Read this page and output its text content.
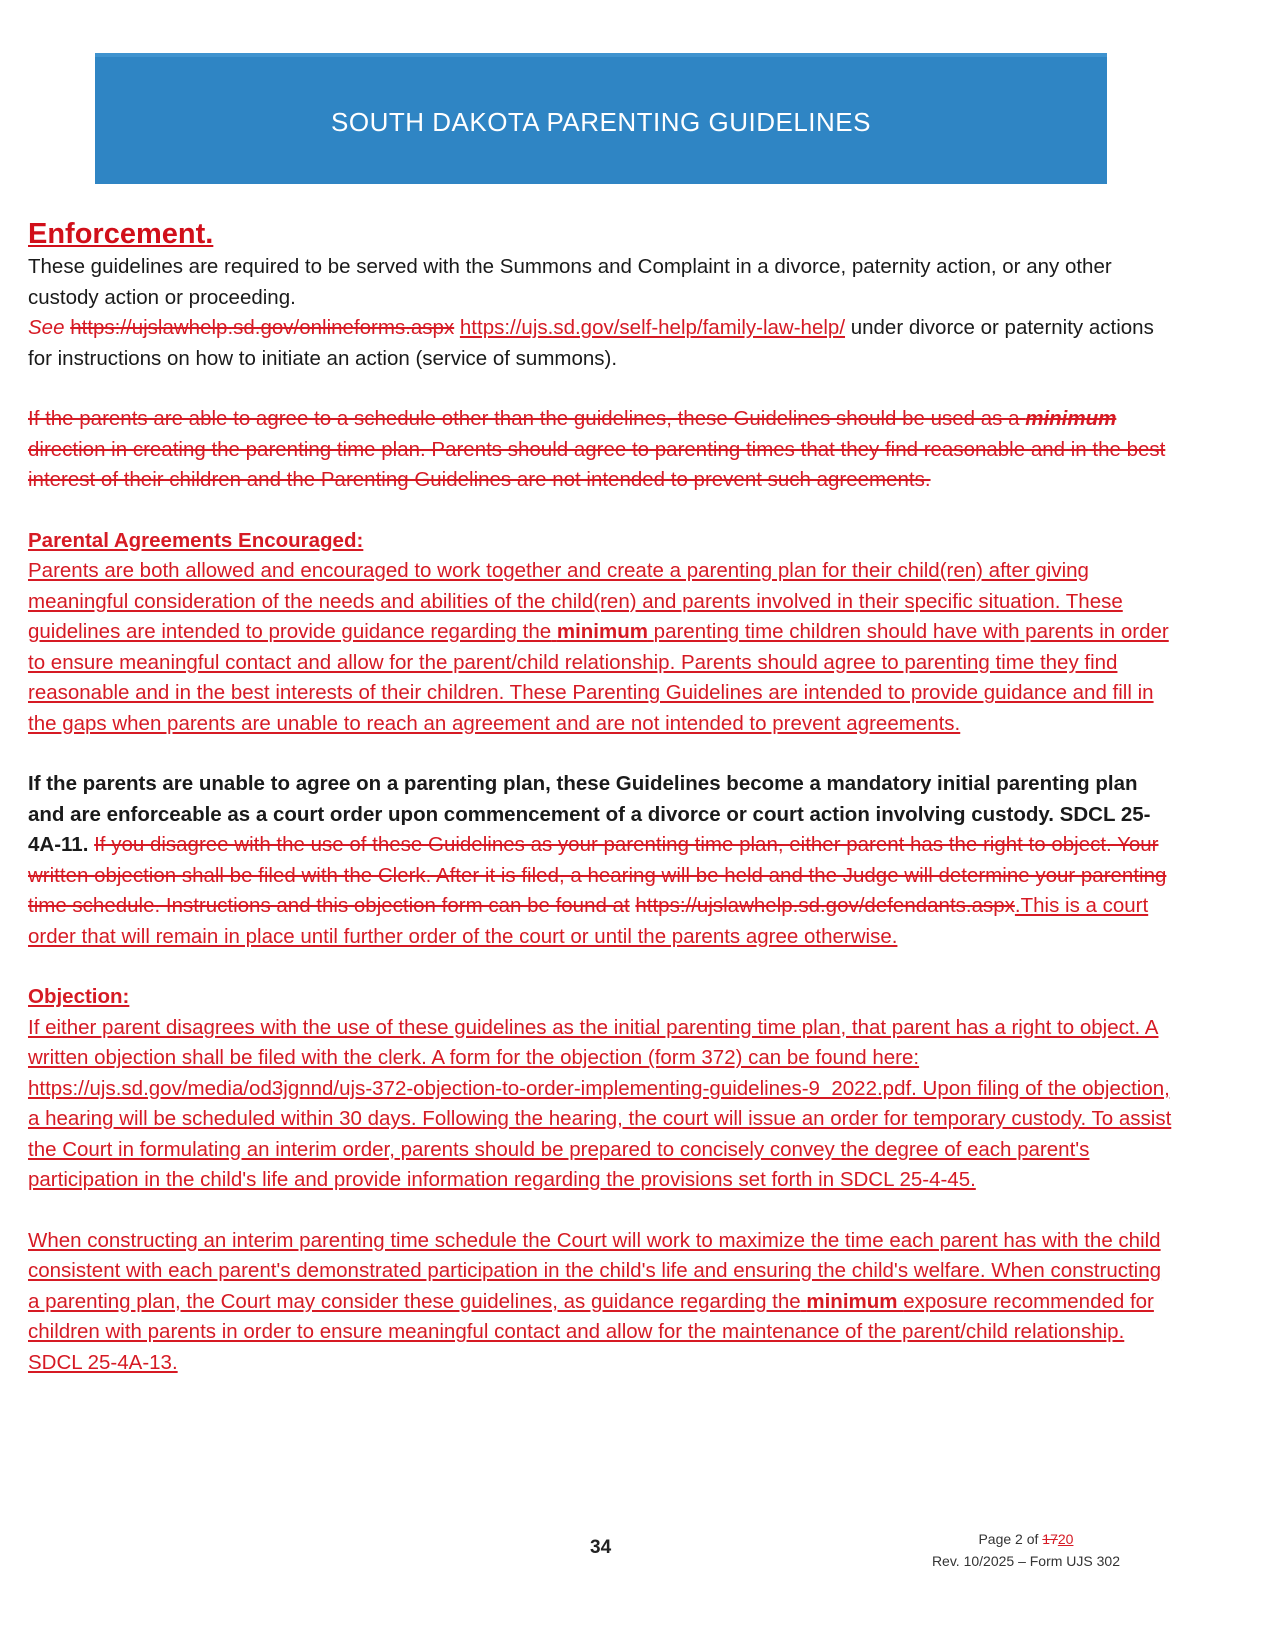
SOUTH DAKOTA PARENTING GUIDELINES
Enforcement.

These guidelines are required to be served with the Summons and Complaint in a divorce, paternity action, or any other custody action or proceeding.

See https://ujslawhelp.sd.gov/onlineforms.aspx https://ujs.sd.gov/self-help/family-law-help/ under divorce or paternity actions for instructions on how to initiate an action (service of summons).

If the parents are able to agree to a schedule other than the guidelines, these Guidelines should be used as a minimum direction in creating the parenting time plan. Parents should agree to parenting times that they find reasonable and in the best interest of their children and the Parenting Guidelines are not intended to prevent such agreements.

Parental Agreements Encouraged:

Parents are both allowed and encouraged to work together and create a parenting plan for their child(ren) after giving meaningful consideration of the needs and abilities of the child(ren) and parents involved in their specific situation. These guidelines are intended to provide guidance regarding the minimum parenting time children should have with parents in order to ensure meaningful contact and allow for the parent/child relationship. Parents should agree to parenting time they find reasonable and in the best interests of their children. These Parenting Guidelines are intended to provide guidance and fill in the gaps when parents are unable to reach an agreement and are not intended to prevent agreements.

If the parents are unable to agree on a parenting plan, these Guidelines become a mandatory initial parenting plan and are enforceable as a court order upon commencement of a divorce or court action involving custody. SDCL 25-4A-11. If you disagree with the use of these Guidelines as your parenting time plan, either parent has the right to object. Your written objection shall be filed with the Clerk. After it is filed, a hearing will be held and the Judge will determine your parenting time schedule. Instructions and this objection form can be found at https://ujslawhelp.sd.gov/defendants.aspx.This is a court order that will remain in place until further order of the court or until the parents agree otherwise.

Objection:

If either parent disagrees with the use of these guidelines as the initial parenting time plan, that parent has a right to object. A written objection shall be filed with the clerk. A form for the objection (form 372) can be found here: https://ujs.sd.gov/media/od3jgnnd/ujs-372-objection-to-order-implementing-guidelines-9_2022.pdf. Upon filing of the objection, a hearing will be scheduled within 30 days. Following the hearing, the court will issue an order for temporary custody. To assist the Court in formulating an interim order, parents should be prepared to concisely convey the degree of each parent's participation in the child's life and provide information regarding the provisions set forth in SDCL 25-4-45.

When constructing an interim parenting time schedule the Court will work to maximize the time each parent has with the child consistent with each parent's demonstrated participation in the child's life and ensuring the child's welfare. When constructing a parenting plan, the Court may consider these guidelines, as guidance regarding the minimum exposure recommended for children with parents in order to ensure meaningful contact and allow for the maintenance of the parent/child relationship. SDCL 25-4A-13.

34	Page 2 of 1720
Rev. 10/2025 – Form UJS 302
